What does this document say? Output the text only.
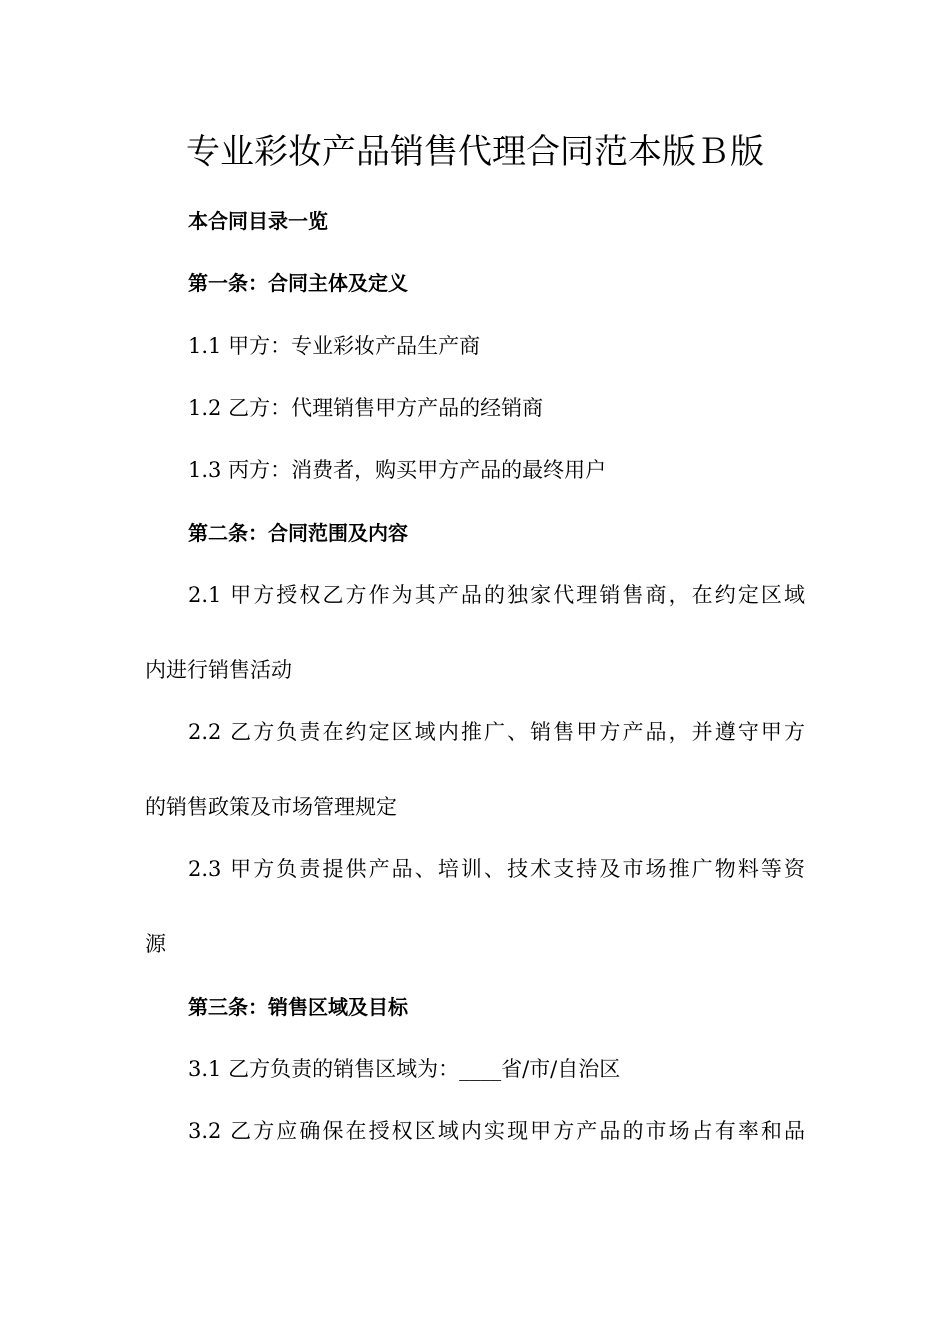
专业彩妆产品销售代理合同范本版Ｂ版
本合同目录一览
第一条：合同主体及定义
1.1 甲方：专业彩妆产品生产商
1.2 乙方：代理销售甲方产品的经销商
1.3 丙方：消费者，购买甲方产品的最终用户
第二条：合同范围及内容
2.1 甲方授权乙方作为其产品的独家代理销售商，在约定区域
内进行销售活动
2.2 乙方负责在约定区域内推广、销售甲方产品，并遵守甲方
的销售政策及市场管理规定
2.3 甲方负责提供产品、培训、技术支持及市场推广物料等资
源
第三条：销售区域及目标
3.1 乙方负责的销售区域为：____省/市/自治区
3.2 乙方应确保在授权区域内实现甲方产品的市场占有率和品
